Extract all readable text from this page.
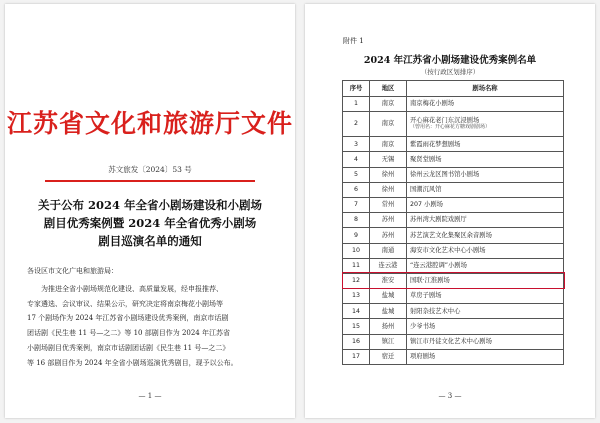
江苏省文化和旅游厅文件
苏文旅发〔2024〕53 号
关于公布 2024 年全省小剧场建设和小剧场
剧目优秀案例暨 2024 年全省优秀小剧场
剧目巡演名单的通知
各设区市文化广电和旅游局：

为推进全省小剧场规范化建设、高质量发展，经申报推荐、

专家遴选、会议审议、结果公示，研究决定将南京梅花小剧场等
17 个剧场作为 2024 年江苏省小剧场建设优秀案例，南京市话剧
团话剧《民生巷 11 号—之二》等 10 部剧目作为 2024 年江苏省
小剧场剧目优秀案例，南京市话剧团话剧《民生巷 11 号—之二》
等 16 部剧目作为 2024 年全省小剧场巡演优秀剧目，现予以公布。
— 1 —
附件 1
2024 年江苏省小剧场建设优秀案例名单
（按行政区划排序）
序号	地区	剧场名称
1	南京	南京梅花小剧场
2	南京	开心麻花老门东沉浸剧场
（曾用名：开心麻花方糖戏剧剧场）

3	南京	紫霞雨花梦想剧场
4	无锡	聚贤堂剧场
5	徐州	徐州云龙区图书馆小剧场
6	徐州	国潮沉风馆
7	常州	207 小剧场
8	苏州	苏州湾大剧院戏剧厅
9	苏州	苏艺演艺文化集聚区余音剧场
10	南通	海安市文化艺术中心小剧场
11	连云港	“连云港腔调”小剧场
12	淮安	国联·江淮剧场
13	盐城	草房子剧场
14	盐城	射阳杂技艺术中心
15	扬州	少爷书场
16	镇江	镇江市丹徒文化艺术中心剧场
17	宿迁	项府剧场
— 3 —
